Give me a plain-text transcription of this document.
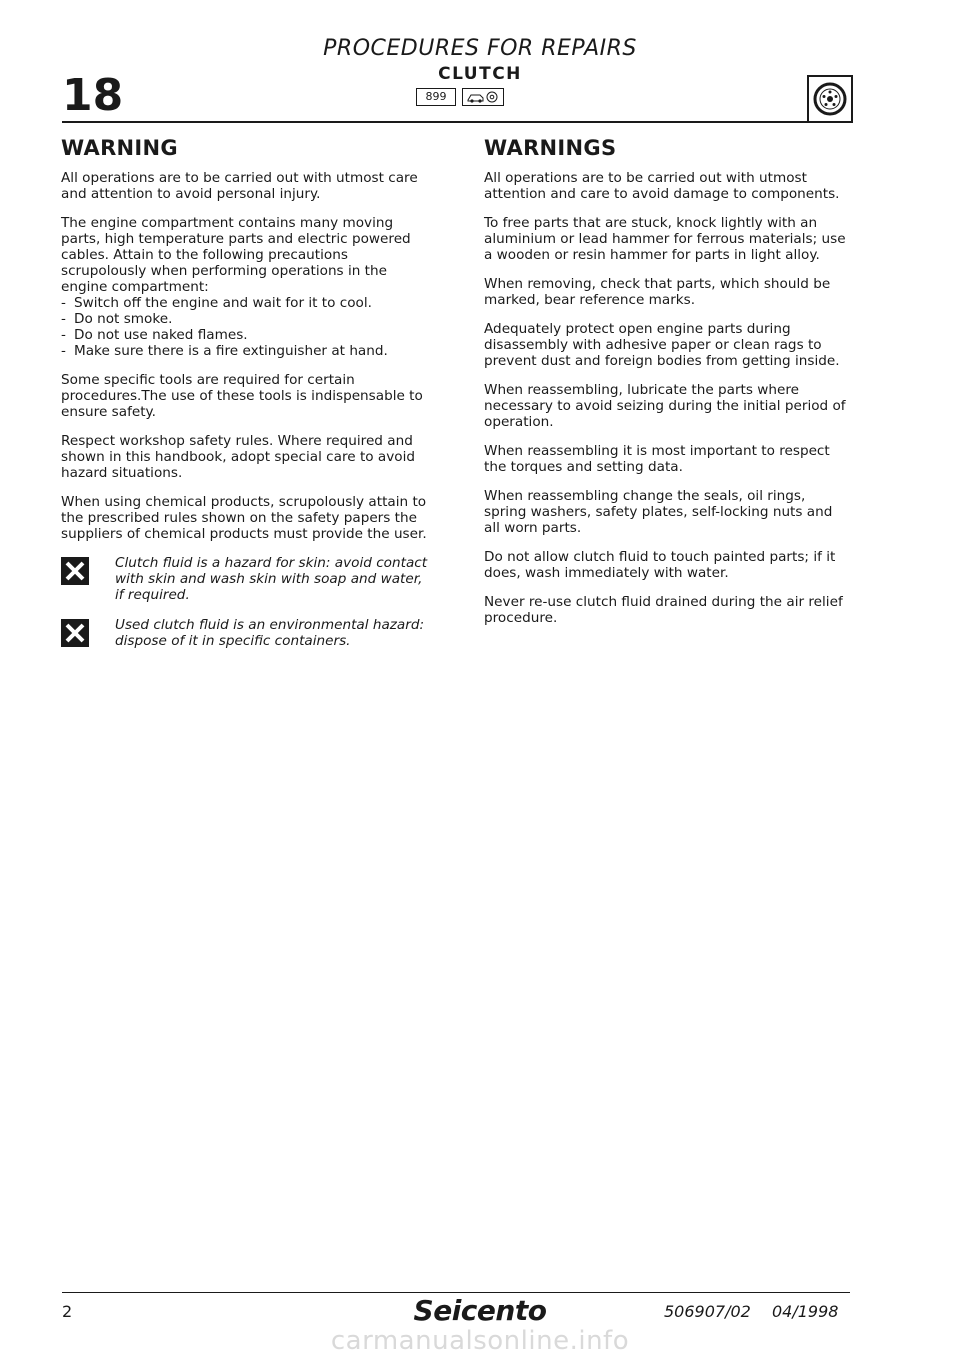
PROCEDURES FOR REPAIRS
18	CLUTCH
899
WARNING

All operations are to be carried out with utmost care and attention to avoid personal injury.

The engine compartment contains many moving parts, high temperature parts and electric powered cables. Attain to the following precautions scrupolously when performing operations in the engine compartment:

- Switch off the engine and wait for it to cool.
- Do not smoke.
- Do not use naked flames.
- Make sure there is a fire extinguisher at hand.

Some specific tools are required for certain procedures.The use of these tools is indispensable to ensure safety.

Respect workshop safety rules. Where required and shown in this handbook, adopt special care to avoid hazard situations.

When using chemical products, scrupolously attain to the prescribed rules shown on the safety papers the suppliers of chemical products must provide the user.

Clutch fluid is a hazard for skin: avoid contact with skin and wash skin with soap and water, if required.
Used clutch fluid is an environmental hazard: dispose of it in specific containers.
WARNINGS

All operations are to be carried out with utmost attention and care to avoid damage to components.

To free parts that are stuck, knock lightly with an aluminium or lead hammer for ferrous materials; use a wooden or resin hammer for parts in light alloy.

When removing, check that parts, which should be marked, bear reference marks.

Adequately protect open engine parts during disassembly with adhesive paper or clean rags to prevent dust and foreign bodies from getting inside.

When reassembling, lubricate the parts where necessary to avoid seizing during the initial period of operation.

When reassembling it is most important to respect the torques and setting data.

When reassembling change the seals, oil rings, spring washers, safety plates, self-locking nuts and all worn parts.

Do not allow clutch fluid to touch painted parts; if it does, wash immediately with water.

Never re-use clutch fluid drained during the air relief procedure.

2	Seicento	506907/02 04/1998
carmanualsonline.info
